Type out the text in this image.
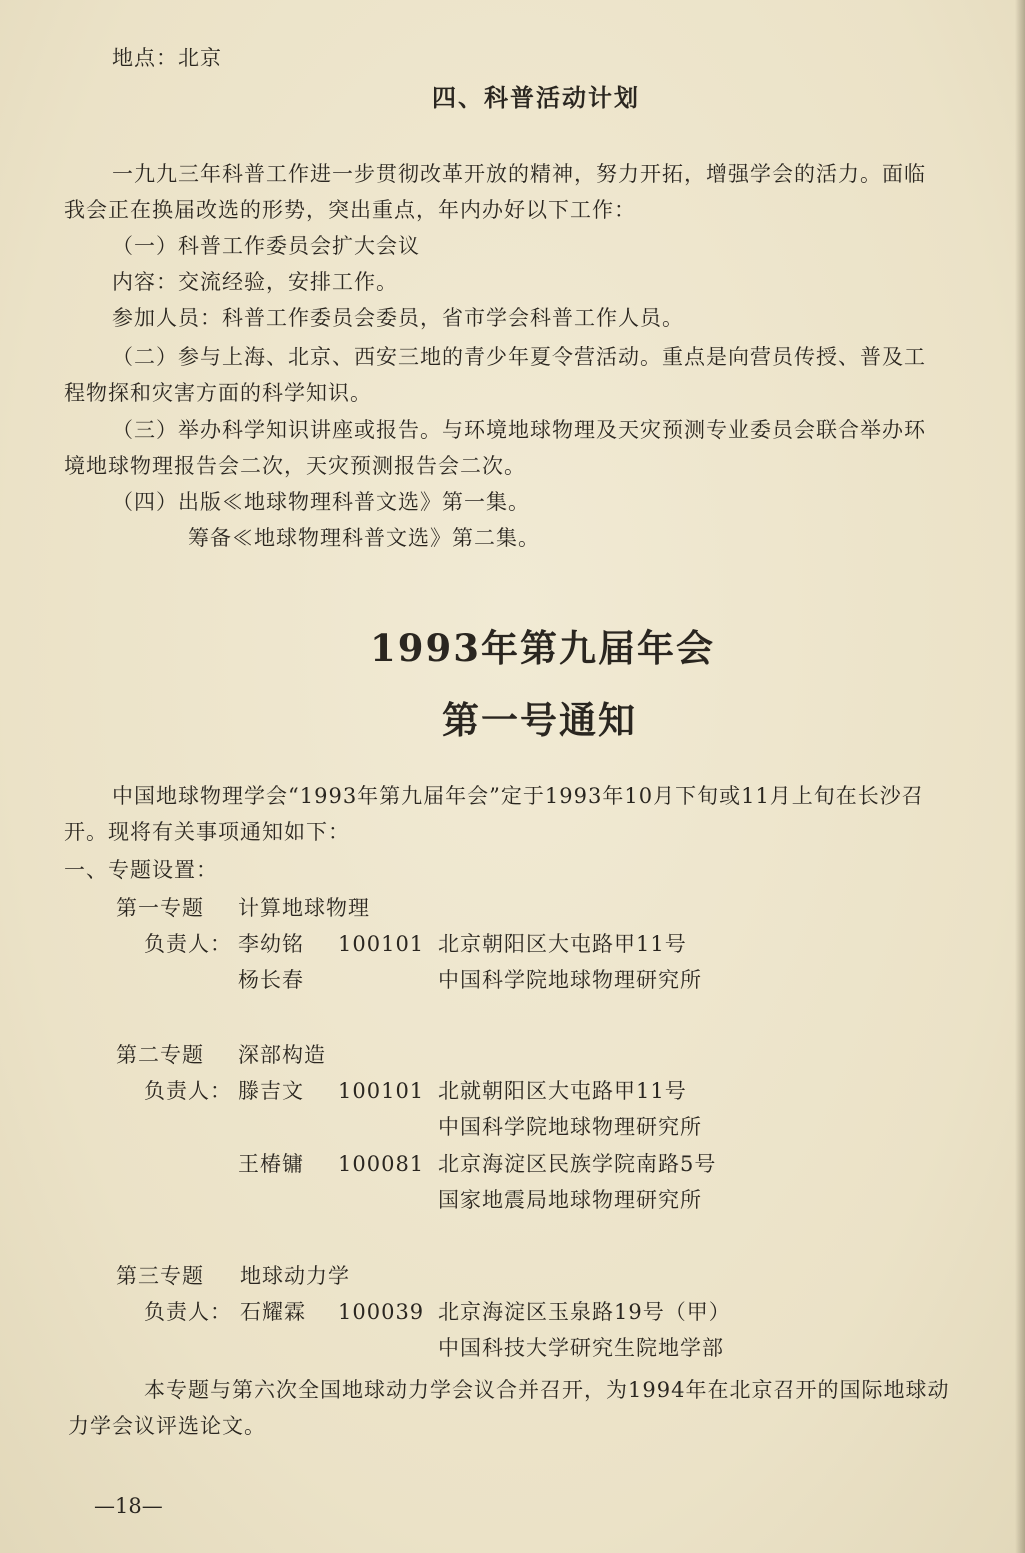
地点：北京
四、科普活动计划
一九九三年科普工作进一步贯彻改革开放的精神，努力开拓，增强学会的活力。面临
我会正在换届改选的形势，突出重点，年内办好以下工作：
（一）科普工作委员会扩大会议
内容：交流经验，安排工作。
参加人员：科普工作委员会委员，省市学会科普工作人员。
（二）参与上海、北京、西安三地的青少年夏令营活动。重点是向营员传授、普及工
程物探和灾害方面的科学知识。
（三）举办科学知识讲座或报告。与环境地球物理及天灾预测专业委员会联合举办环
境地球物理报告会二次，天灾预测报告会二次。
（四）出版≪地球物理科普文选》第一集。
筹备≪地球物理科普文选》第二集。
1993年第九届年会
第一号通知
中国地球物理学会“1993年第九届年会”定于1993年10月下旬或11月上旬在长沙召
开。现将有关事项通知如下：
一、专题设置：
第一专题 计算地球物理
负责人： 李幼铭 100101 北京朝阳区大屯路甲11号
杨长春	中国科学院地球物理研究所
第二专题 深部构造
负责人： 滕吉文 100101 北就朝阳区大屯路甲11号
中国科学院地球物理研究所
王椿镛 100081 北京海淀区民族学院南路5号
国家地震局地球物理研究所
第三专题 地球动力学
负责人： 石耀霖 100039 北京海淀区玉泉路19号（甲）
中国科技大学研究生院地学部
本专题与第六次全国地球动力学会议合并召开，为1994年在北京召开的国际地球动
力学会议评选论文。
—18—
